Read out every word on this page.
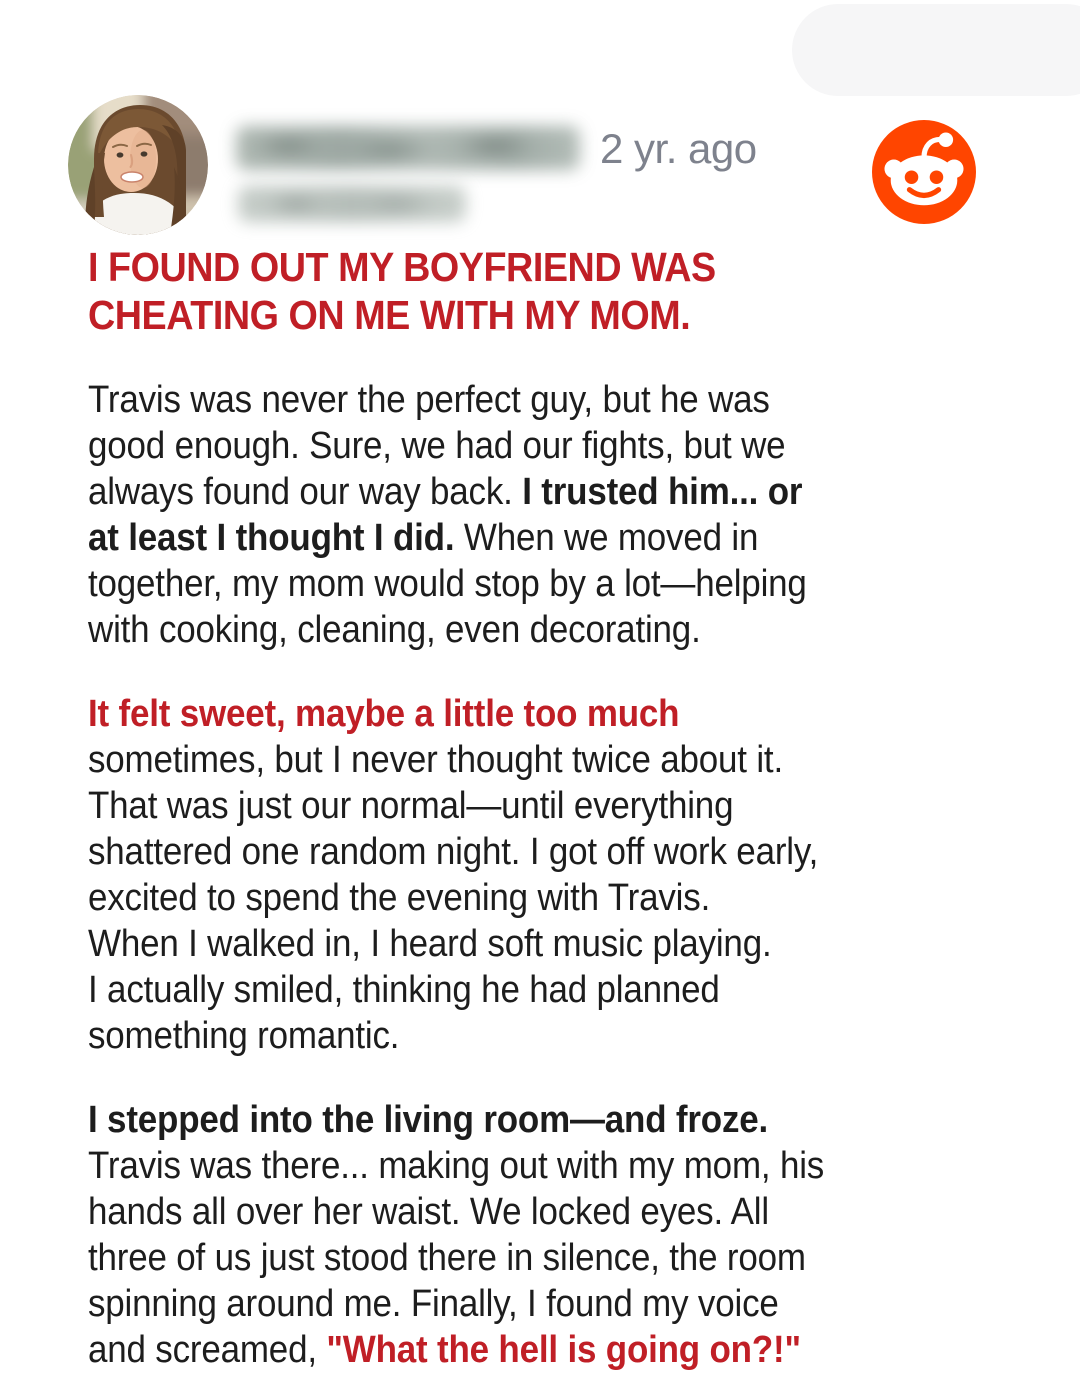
2 yr. ago
I FOUND OUT MY BOYFRIEND WAS
CHEATING ON ME WITH MY MOM.
Travis was never the perfect guy, but he was
good enough. Sure, we had our fights, but we
always found our way back. I trusted him... or
at least I thought I did. When we moved in
together, my mom would stop by a lot—helping
with cooking, cleaning, even decorating.
It felt sweet, maybe a little too much
sometimes, but I never thought twice about it.
That was just our normal—until everything
shattered one random night. I got off work early,
excited to spend the evening with Travis.
When I walked in, I heard soft music playing.
I actually smiled, thinking he had planned
something romantic.
I stepped into the living room—and froze.
Travis was there... making out with my mom, his
hands all over her waist. We locked eyes. All
three of us just stood there in silence, the room
spinning around me. Finally, I found my voice
and screamed, "What the hell is going on?!"
